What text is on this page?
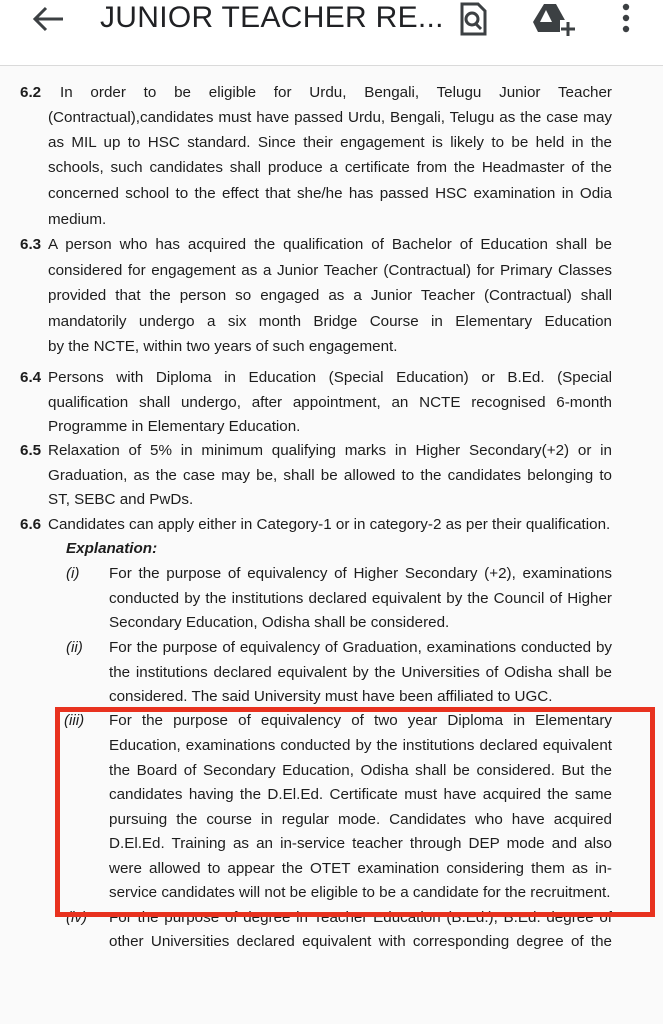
JUNIOR TEACHER RE...
6.2 In order to be eligible for Urdu, Bengali, Telugu Junior Teacher
(Contractual),candidates must have passed Urdu, Bengali, Telugu as the case may
as MIL up to HSC standard. Since their engagement is likely to be held in the
schools, such candidates shall produce a certificate from the Headmaster of the
concerned school to the effect that she/he has passed HSC examination in Odia
medium.
6.3 A person who has acquired the qualification of Bachelor of Education shall be
considered for engagement as a Junior Teacher (Contractual) for Primary Classes
provided that the person so engaged as a Junior Teacher (Contractual) shall
mandatorily undergo a six month Bridge Course in Elementary Education
by the NCTE, within two years of such engagement.
6.4 Persons with Diploma in Education (Special Education) or B.Ed. (Special
qualification shall undergo, after appointment, an NCTE recognised 6-month
Programme in Elementary Education.
6.5 Relaxation of 5% in minimum qualifying marks in Higher Secondary(+2) or in
Graduation, as the case may be, shall be allowed to the candidates belonging to
ST, SEBC and PwDs.
6.6 Candidates can apply either in Category-1 or in category-2 as per their qualification.
Explanation:
(i) For the purpose of equivalency of Higher Secondary (+2), examinations
conducted by the institutions declared equivalent by the Council of Higher
Secondary Education, Odisha shall be considered.
(ii) For the purpose of equivalency of Graduation, examinations conducted by
the institutions declared equivalent by the Universities of Odisha shall be
considered. The said University must have been affiliated to UGC.
(iii) For the purpose of equivalency of two year Diploma in Elementary
Education, examinations conducted by the institutions declared equivalent
the Board of Secondary Education, Odisha shall be considered. But the
candidates having the D.El.Ed. Certificate must have acquired the same
pursuing the course in regular mode. Candidates who have acquired
D.El.Ed. Training as an in-service teacher through DEP mode and also
were allowed to appear the OTET examination considering them as in-
service candidates will not be eligible to be a candidate for the recruitment.
(iv) For the purpose of degree in Teacher Education (B.Ed.), B.Ed. degree of
other Universities declared equivalent with corresponding degree of the
